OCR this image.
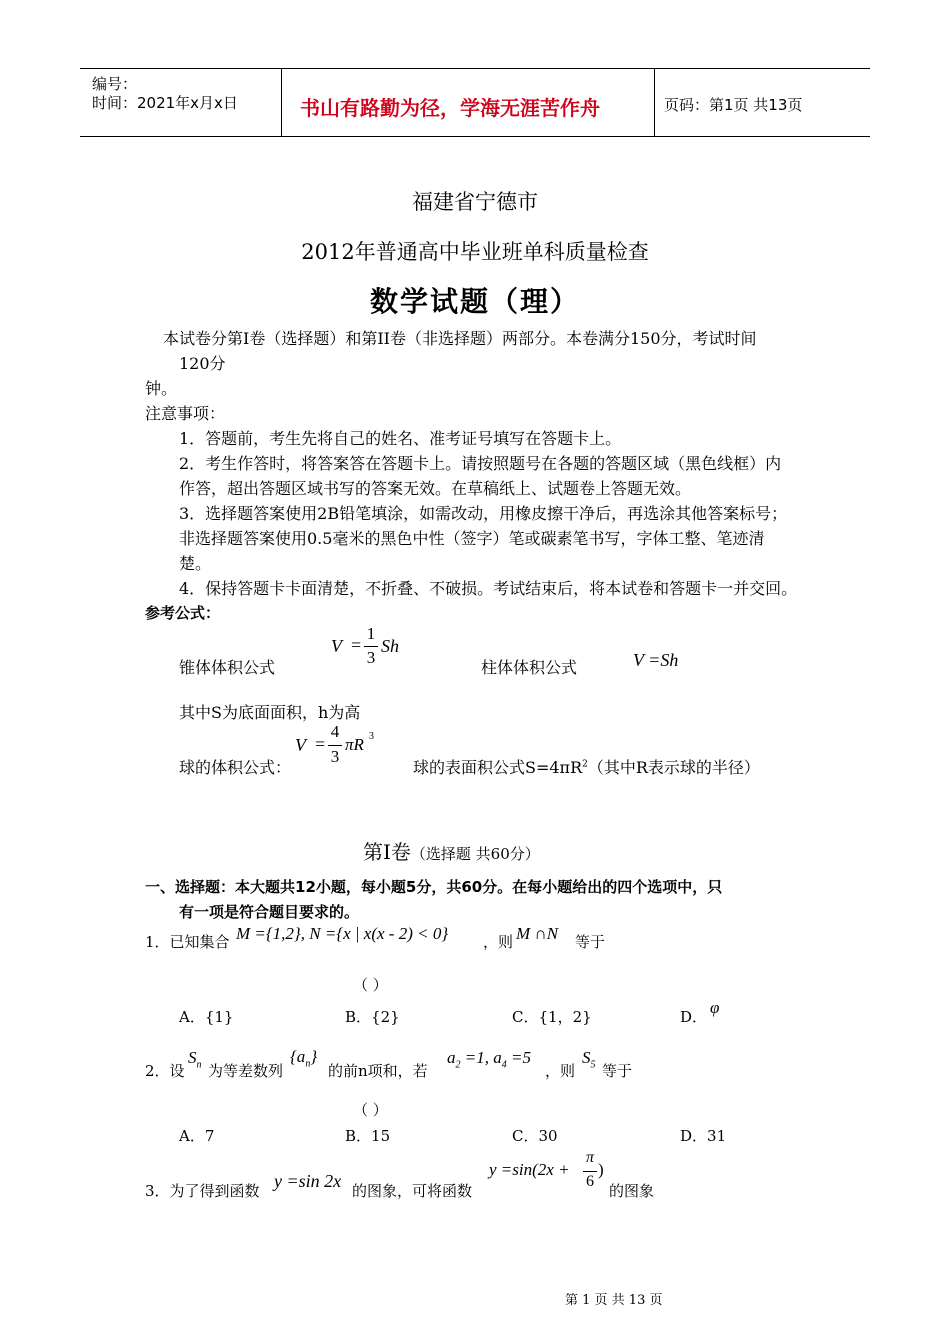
编号：
时间：2021年x月x日	书山有路勤为径，学海无涯苦作舟	页码：第1页 共13页
福建省宁德市
2012年普通高中毕业班单科质量检查
数学试题（理）
本试卷分第I卷（选择题）和第II卷（非选择题）两部分。本卷满分150分，考试时间
120分
钟。
注意事项：
1．答题前，考生先将自己的姓名、准考证号填写在答题卡上。
2．考生作答时，将答案答在答题卡上。请按照题号在各题的答题区域（黑色线框）内
作答，超出答题区域书写的答案无效。在草稿纸上、试题卷上答题无效。
3．选择题答案使用2B铅笔填涂，如需改动，用橡皮擦干净后，再选涂其他答案标号；
非选择题答案使用0.5毫米的黑色中性（签字）笔或碳素笔书写，字体工整、笔迹清
楚。
4．保持答题卡卡面清楚，不折叠、不破损。考试结束后，将本试卷和答题卡一并交回。
参考公式：
锥体体积公式
V =
1
3
Sh
柱体体积公式	V =Sh
其中S为底面面积，h为高
球的体积公式：
V =
4
3
πR 3
球的表面积公式$S=4\pi R^2$（其中R表示球的半径）
第Ⅰ卷（选择题 共60分）
一、选择题：本大题共12小题，每小题5分，共60分。在每小题给出的四个选项中，只
有一项是符合题目要求的。
1．已知集合 M ={1,2}, N ={x | x(x - 2) < 0} ，则 M ∩N 等于
（ ）
A．{1}	B．{2}	C．{1，2}	D． φ
2．设
$S_n$ 为等差数列
$\{a_n\}$
的前n项和，若
$a_2 =1$, $a_4 =5$
，则
$S_5$ 等于
（ ）
A．7	B．15	C．30	D．31
3．为了得到函数 y =sin 2x 的图象，可将函数
y =sin(2x +
π
6
)
的图象
第 1 页 共 13 页
